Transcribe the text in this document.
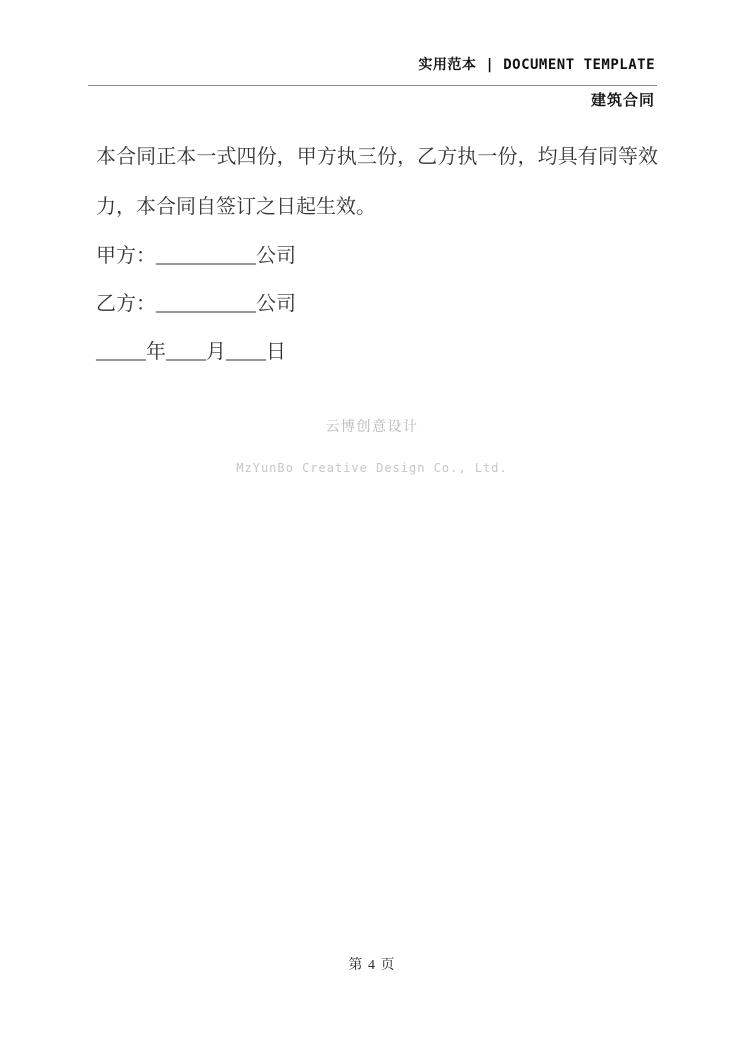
实用范本 | DOCUMENT TEMPLATE
建筑合同

本合同正本一式四份，甲方执三份，乙方执一份，均具有同等效力，本合同自签订之日起生效。

甲方：__________公司

乙方：__________公司

_____年____月____日

云博创意设计
MzYunBo Creative Design Co., Ltd.
第 4 页
